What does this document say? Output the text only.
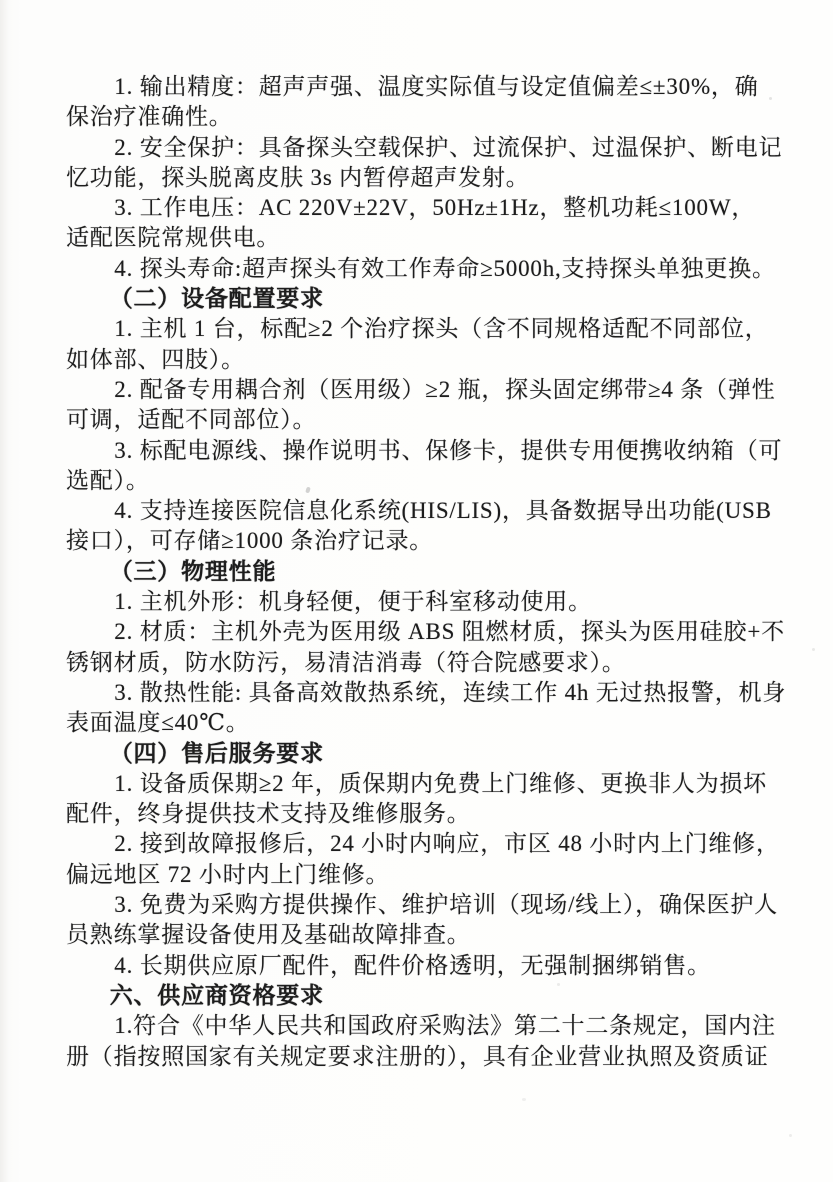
1. 输出精度：超声声强、温度实际值与设定值偏差≤±30%，确
保治疗准确性。
2. 安全保护：具备探头空载保护、过流保护、过温保护、断电记
忆功能，探头脱离皮肤 3s 内暂停超声发射。
3. 工作电压：AC 220V±22V，50Hz±1Hz，整机功耗≤100W，
适配医院常规供电。
4. 探头寿命:超声探头有效工作寿命≥5000h,支持探头单独更换。
（二）设备配置要求
1. 主机 1 台，标配≥2 个治疗探头（含不同规格适配不同部位，
如体部、四肢）。
2. 配备专用耦合剂（医用级）≥2 瓶，探头固定绑带≥4 条（弹性
可调，适配不同部位）。
3. 标配电源线、操作说明书、保修卡，提供专用便携收纳箱（可
选配）。
4. 支持连接医院信息化系统(HIS/LIS)，具备数据导出功能(USB
接口），可存储≥1000 条治疗记录。
（三）物理性能
1. 主机外形：机身轻便，便于科室移动使用。
2. 材质：主机外壳为医用级 ABS 阻燃材质，探头为医用硅胶+不
锈钢材质，防水防污，易清洁消毒（符合院感要求）。
3. 散热性能: 具备高效散热系统，连续工作 4h 无过热报警，机身
表面温度≤40℃。
（四）售后服务要求
1. 设备质保期≥2 年，质保期内免费上门维修、更换非人为损坏
配件，终身提供技术支持及维修服务。
2. 接到故障报修后，24 小时内响应，市区 48 小时内上门维修，
偏远地区 72 小时内上门维修。
3. 免费为采购方提供操作、维护培训（现场/线上），确保医护人
员熟练掌握设备使用及基础故障排查。
4. 长期供应原厂配件，配件价格透明，无强制捆绑销售。
六、供应商资格要求
1.符合《中华人民共和国政府采购法》第二十二条规定，国内注
册（指按照国家有关规定要求注册的），具有企业营业执照及资质证
